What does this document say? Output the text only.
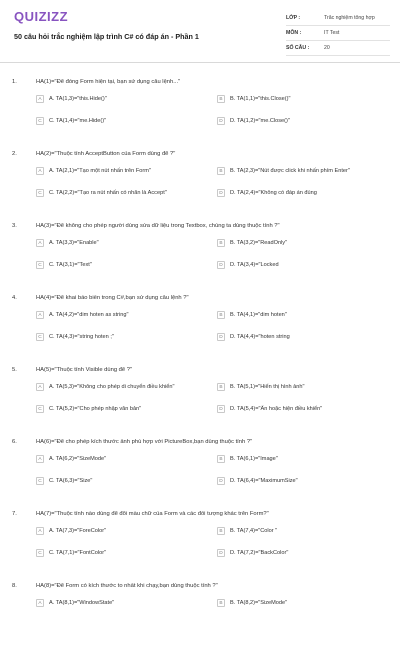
QUIZIZZ
50 câu hỏi trắc nghiệm lập trình C# có đáp án - Phần 1
LỚP :	Trắc nghiệm tổng hợp
MÔN :	IT Test
SỐ CÂU :	20
1.	HA(1)="Để đóng Form hiện tại, bạn sử dụng câu lệnh..."
A	A. TA(1,3)="this.Hide()"	B	B. TA(1,1)="this.Close()"
C	C. TA(1,4)="me.Hide()"	D	D. TA(1,2)="me.Close()"
2.	HA(2)="Thuộc tính AcceptButton của Form dùng để ?"
A	A. TA(2,1)="Tạo một nút nhấn trên Form"	B	B. TA(2,3)="Nút được click khi nhấn phím Enter"
C	C. TA(2,2)="Tạo ra nút nhấn có nhãn là Accept"	D	D. TA(2,4)="Không có đáp án đúng
3.	HA(3)="Để không cho phép người dùng sửa dữ liệu trong Textbox, chúng ta dùng thuộc tính ?"
A	A. TA(3,3)="Enable"	B	B. TA(3,2)="ReadOnly"
C	C. TA(3,1)="Text"	D	D. TA(3,4)="Locked
4.	HA(4)="Để khai báo biến trong C#,bạn sử dụng câu lệnh ?"
A	A. TA(4,2)="dim hoten as string"	B	B. TA(4,1)="dim hoten"
C	C. TA(4,3)="string hoten ;"	D	D. TA(4,4)="hoten string
5.	HA(5)="Thuộc tính Visible dùng để ?"
A	A. TA(5,3)="Không cho phép di chuyển điều khiển"	B	B. TA(5,1)="Hiển thị hình ảnh"
C	C. TA(5,2)="Cho phép nhập văn bản"	D	D. TA(5,4)="Ẩn hoặc hiện điều khiển"
6.	HA(6)="Để cho phép kích thước ảnh phù hợp với PictureBox,bạn dùng thuộc tính ?"
A	A. TA(6,2)="SizeMode"	B	B. TA(6,1)="Image"
C	C. TA(6,3)="Size"	D	D. TA(6,4)="MaximumSize"
7.	HA(7)="Thuộc tính nào dùng để đổi màu chữ của Form và các đối tượng khác trên Form?"
A	A. TA(7,3)="ForeColor"	B	B. TA(7,4)="Color "
C	C. TA(7,1)="FontColor"	D	D. TA(7,2)="BackColor"
8.	HA(8)="Để Form có kích thước to nhất khi chạy,bạn dùng thuộc tính ?"
A	A. TA(8,1)="WindowState"	B	B. TA(8,2)="SizeMode"
